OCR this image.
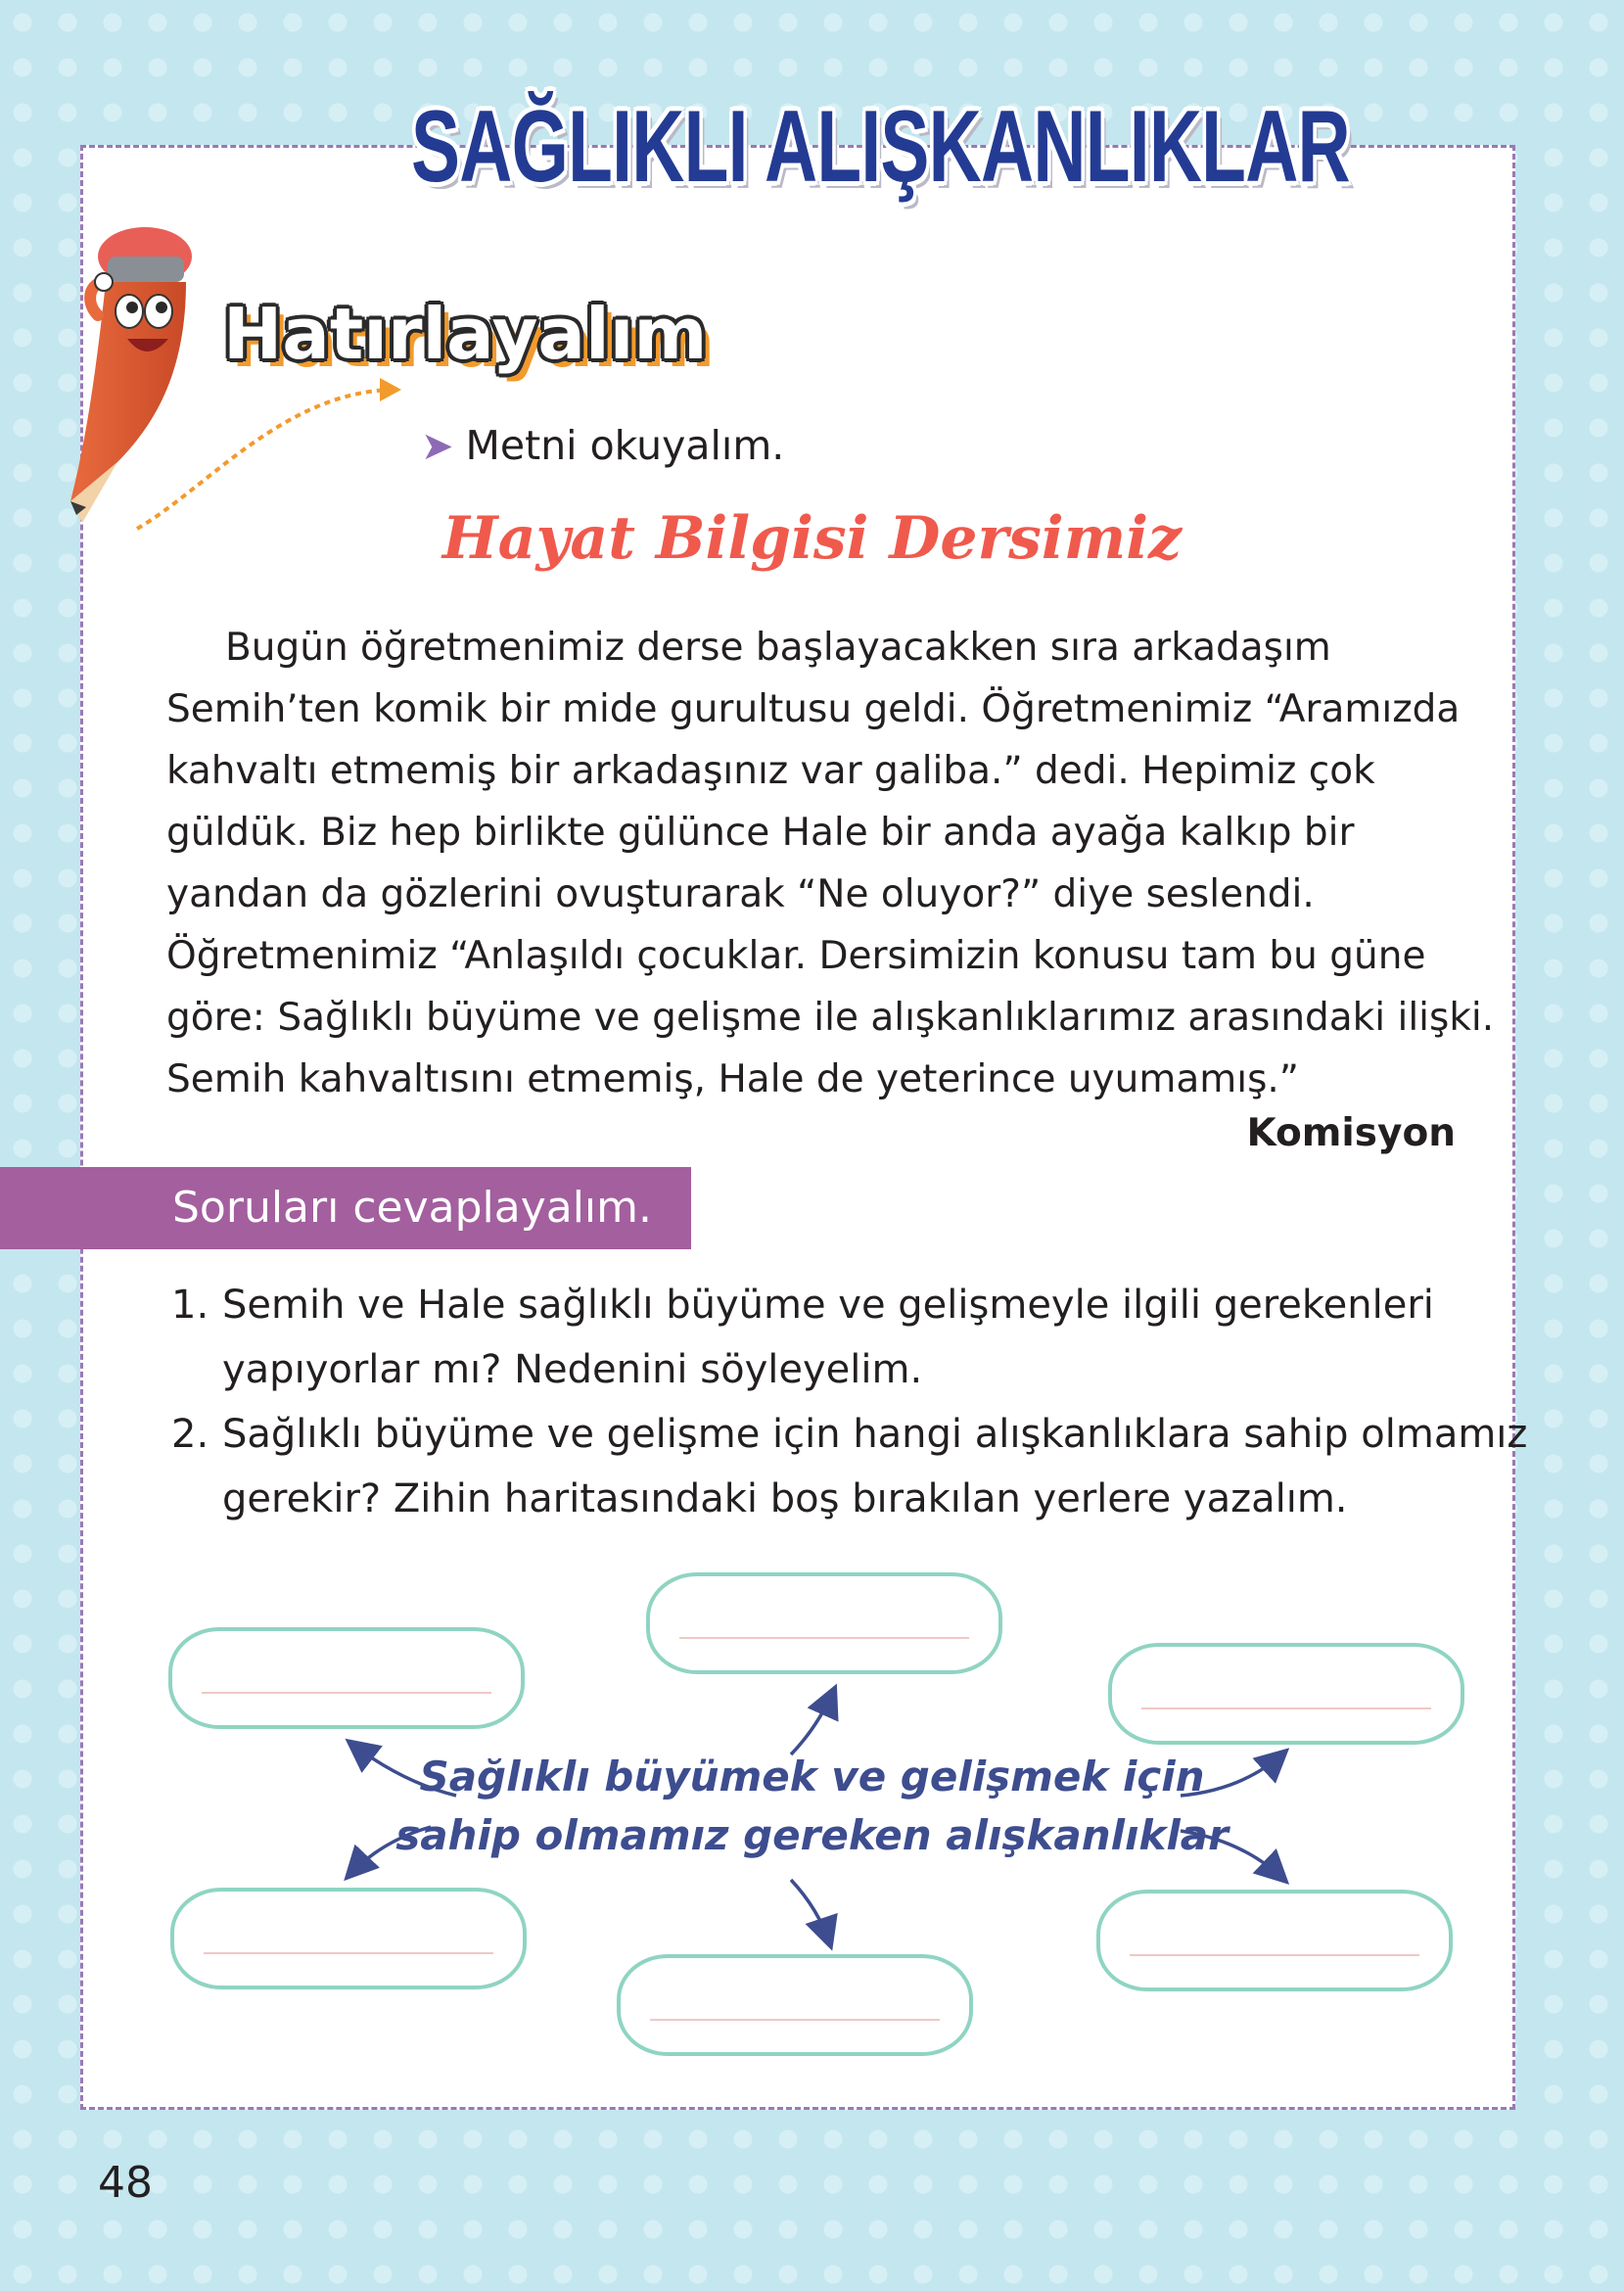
SAĞLIKLI ALIŞKANLIKLAR
Hatırlayalım
➤ Metni okuyalım.
Hayat Bilgisi Dersimiz
Bugün öğretmenimiz derse başlayacakken sıra arkadaşım
Semih’ten komik bir mide gurultusu geldi. Öğretmenimiz “Aramızda
kahvaltı etmemiş bir arkadaşınız var galiba.” dedi. Hepimiz çok
güldük. Biz hep birlikte gülünce Hale bir anda ayağa kalkıp bir
yandan da gözlerini ovuşturarak “Ne oluyor?” diye seslendi.
Öğretmenimiz “Anlaşıldı çocuklar. Dersimizin konusu tam bu güne
göre: Sağlıklı büyüme ve gelişme ile alışkanlıklarımız arasındaki ilişki.
Semih kahvaltısını etmemiş, Hale de yeterince uyumamış.”
Komisyon
Soruları cevaplayalım.
1. Semih ve Hale sağlıklı büyüme ve gelişmeyle ilgili gerekenleri
yapıyorlar mı? Nedenini söyleyelim.
2. Sağlıklı büyüme ve gelişme için hangi alışkanlıklara sahip olmamız
gerekir? Zihin haritasındaki boş bırakılan yerlere yazalım.
Sağlıklı büyümek ve gelişmek için
sahip olmamız gereken alışkanlıklar
48
